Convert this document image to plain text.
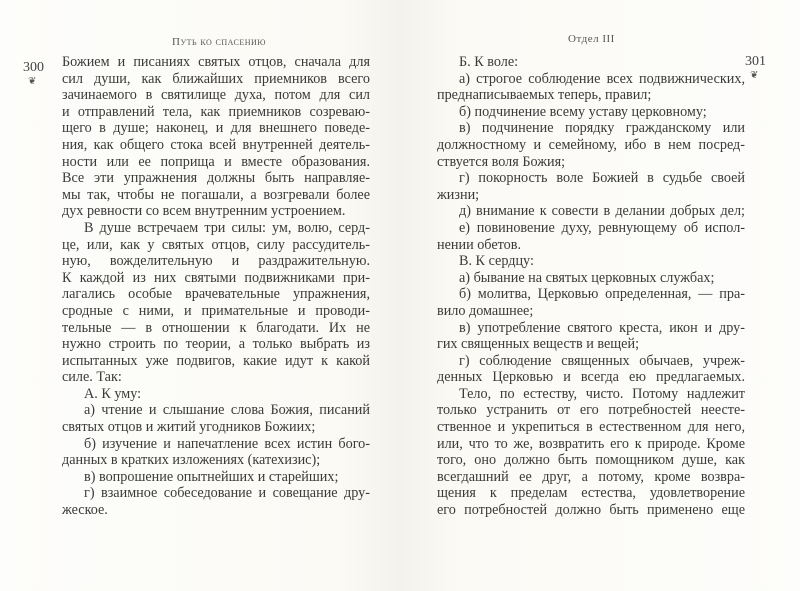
Путь ко спасению
300
❦
Божием и писаниях святых отцов, сначала для
сил души, как ближайших приемников всего
зачинаемого в святилище духа, потом для сил
и отправлений тела, как приемников созреваю-
щего в душе; наконец, и для внешнего поведе-
ния, как общего стока всей внутренней деятель-
ности или ее поприща и вместе образования.
Все эти упражнения должны быть направляе-
мы так, чтобы не погашали, а возгревали более
дух ревности со всем внутренним устроением.
В душе встречаем три силы: ум, волю, серд-
це, или, как у святых отцов, силу рассудитель-
ную, вожделительную и раздражительную.
К каждой из них святыми подвижниками при-
лагались особые врачевательные упражнения,
сродные с ними, и примательные и проводи-
тельные — в отношении к благодати. Их не
нужно строить по теории, а только выбрать из
испытанных уже подвигов, какие идут к какой
силе. Так:
А. К уму:
а) чтение и слышание слова Божия, писаний
святых отцов и житий угодников Божиих;
б) изучение и напечатление всех истин бого-
данных в кратких изложениях (катехизис);
в) вопрошение опытнейших и старейших;
г) взаимное собеседование и совещание дру-
жеское.
Отдел III
301
❦
Б. К воле:
а) строгое соблюдение всех подвижнических,
преднаписываемых теперь, правил;
б) подчинение всему уставу церковному;
в) подчинение порядку гражданскому или
должностному и семейному, ибо в нем посред-
ствуется воля Божия;
г) покорность воле Божией в судьбе своей
жизни;
д) внимание к совести в делании добрых дел;
е) повиновение духу, ревнующему об испол-
нении обетов.
В. К сердцу:
а) бывание на святых церковных службах;
б) молитва, Церковью определенная, — пра-
вило домашнее;
в) употребление святого креста, икон и дру-
гих священных веществ и вещей;
г) соблюдение священных обычаев, учреж-
денных Церковью и всегда ею предлагаемых.
Тело, по естеству, чисто. Потому надлежит
только устранить от его потребностей неесте-
ственное и укрепиться в естественном для него,
или, что то же, возвратить его к природе. Кроме
того, оно должно быть помощником душе, как
всегдашний ее друг, а потому, кроме возвра-
щения к пределам естества, удовлетворение
его потребностей должно быть применено еще
